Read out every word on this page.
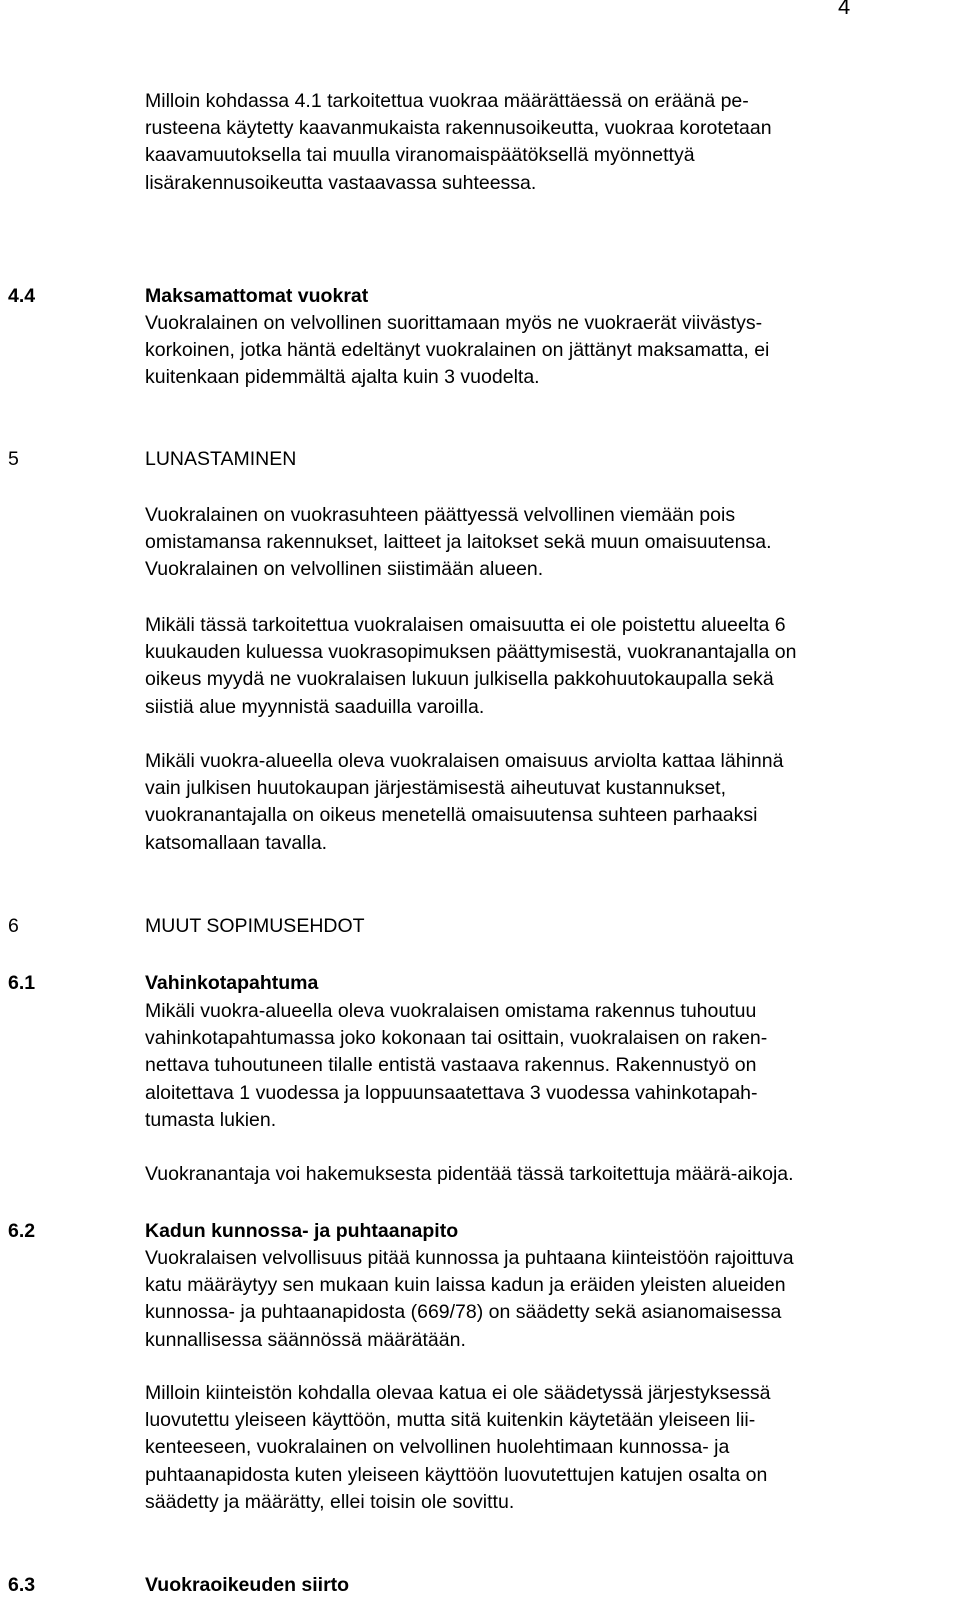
4

Milloin kohdassa 4.1 tarkoitettua vuokraa määrättäessä on eräänä pe-
rusteena käytetty kaavanmukaista rakennusoikeutta, vuokraa korotetaan
kaavamuutoksella tai muulla viranomaispäätöksellä myönnettyä
lisärakennusoikeutta vastaavassa suhteessa.

4.4	Maksamattomat vuokrat

Vuokralainen on velvollinen suorittamaan myös ne vuokraerät viivästys-
korkoinen, jotka häntä edeltänyt vuokralainen on jättänyt maksamatta, ei
kuitenkaan pidemmältä ajalta kuin 3 vuodelta.

5	LUNASTAMINEN

Vuokralainen on vuokrasuhteen päättyessä velvollinen viemään pois
omistamansa rakennukset, laitteet ja laitokset sekä muun omaisuutensa.
Vuokralainen on velvollinen siistimään alueen.

Mikäli tässä tarkoitettua vuokralaisen omaisuutta ei ole poistettu alueelta 6
kuukauden kuluessa vuokrasopimuksen päättymisestä, vuokranantajalla on
oikeus myydä ne vuokralaisen lukuun julkisella pakkohuutokaupalla sekä
siistiä alue myynnistä saaduilla varoilla.

Mikäli vuokra-alueella oleva vuokralaisen omaisuus arviolta kattaa lähinnä
vain julkisen huutokaupan järjestämisestä aiheutuvat kustannukset,
vuokranantajalla on oikeus menetellä omaisuutensa suhteen parhaaksi
katsomallaan tavalla.

6	MUUT SOPIMUSEHDOT
6.1	Vahinkotapahtuma

Mikäli vuokra-alueella oleva vuokralaisen omistama rakennus tuhoutuu
vahinkotapahtumassa joko kokonaan tai osittain, vuokralaisen on raken-
nettava tuhoutuneen tilalle entistä vastaava rakennus. Rakennustyö on
aloitettava 1 vuodessa ja loppuunsaatettava 3 vuodessa vahinkotapah-
tumasta lukien.

Vuokranantaja voi hakemuksesta pidentää tässä tarkoitettuja määrä-aikoja.

6.2	Kadun kunnossa- ja puhtaanapito

Vuokralaisen velvollisuus pitää kunnossa ja puhtaana kiinteistöön rajoittuva
katu määräytyy sen mukaan kuin laissa kadun ja eräiden yleisten alueiden
kunnossa- ja puhtaanapidosta (669/78) on säädetty sekä asianomaisessa
kunnallisessa säännössä määrätään.

Milloin kiinteistön kohdalla olevaa katua ei ole säädetyssä järjestyksessä
luovutettu yleiseen käyttöön, mutta sitä kuitenkin käytetään yleiseen lii-
kenteeseen, vuokralainen on velvollinen huolehtimaan kunnossa- ja
puhtaanapidosta kuten yleiseen käyttöön luovutettujen katujen osalta on
säädetty ja määrätty, ellei toisin ole sovittu.

6.3	Vuokraoikeuden siirto
